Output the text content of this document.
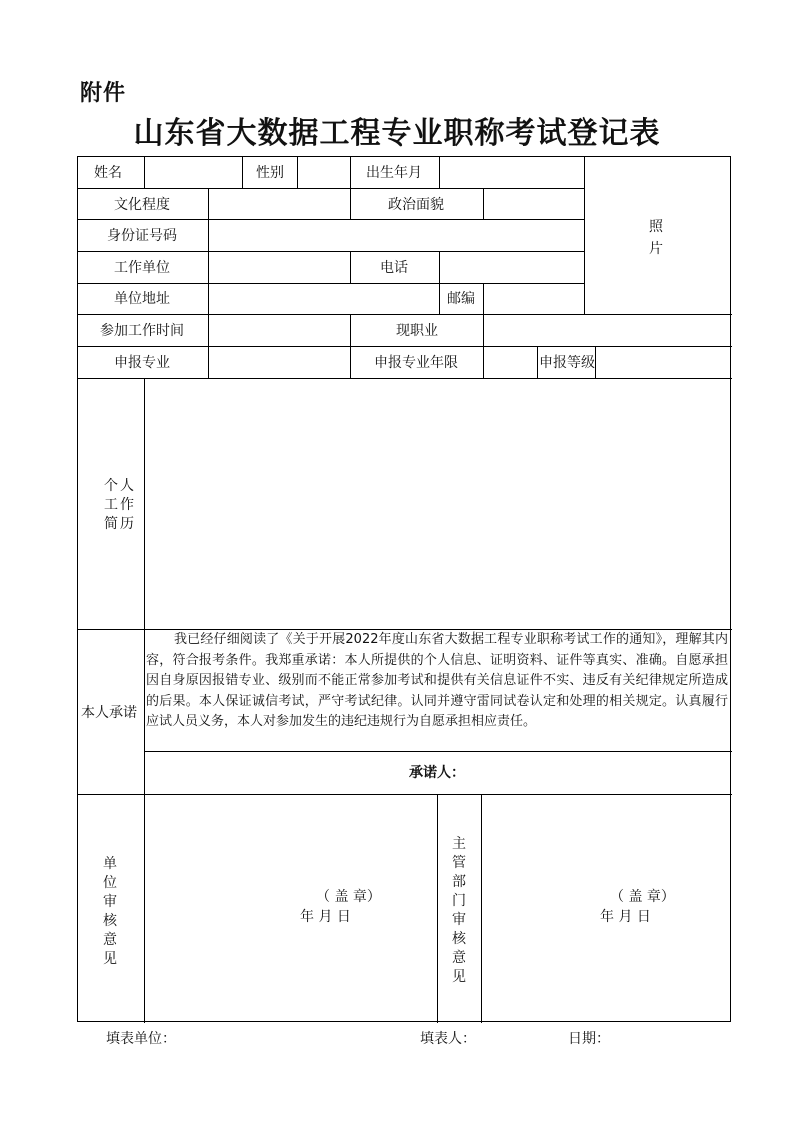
附件
山东省大数据工程专业职称考试登记表
姓名	性别	出生年月
照
片
文化程度	政治面貌
身份证号码
工作单位	电话
单位地址	邮编
参加工作时间	现职业
申报专业	申报专业年限	申报等级
个 人
工 作
简 历
本人承诺
我已经仔细阅读了《关于开展2022年度山东省大数据工程专业职称考试工作的通知》，理解其内容，符合报考条件。我郑重承诺：本人所提供的个人信息、证明资料、证件等真实、准确。自愿承担因自身原因报错专业、级别而不能正常参加考试和提供有关信息证件不实、违反有关纪律规定所造成的后果。本人保证诚信考试，严守考试纪律。认同并遵守雷同试卷认定和处理的相关规定。认真履行应试人员义务，本人对参加发生的违纪违规行为自愿承担相应责任。
承诺人：
单
位
审
核
意
见
（ 盖 章）
年 月 日
主
管
部
门
审
核
意
见
（ 盖 章）
年 月 日
填表单位：	填表人：	日期：
